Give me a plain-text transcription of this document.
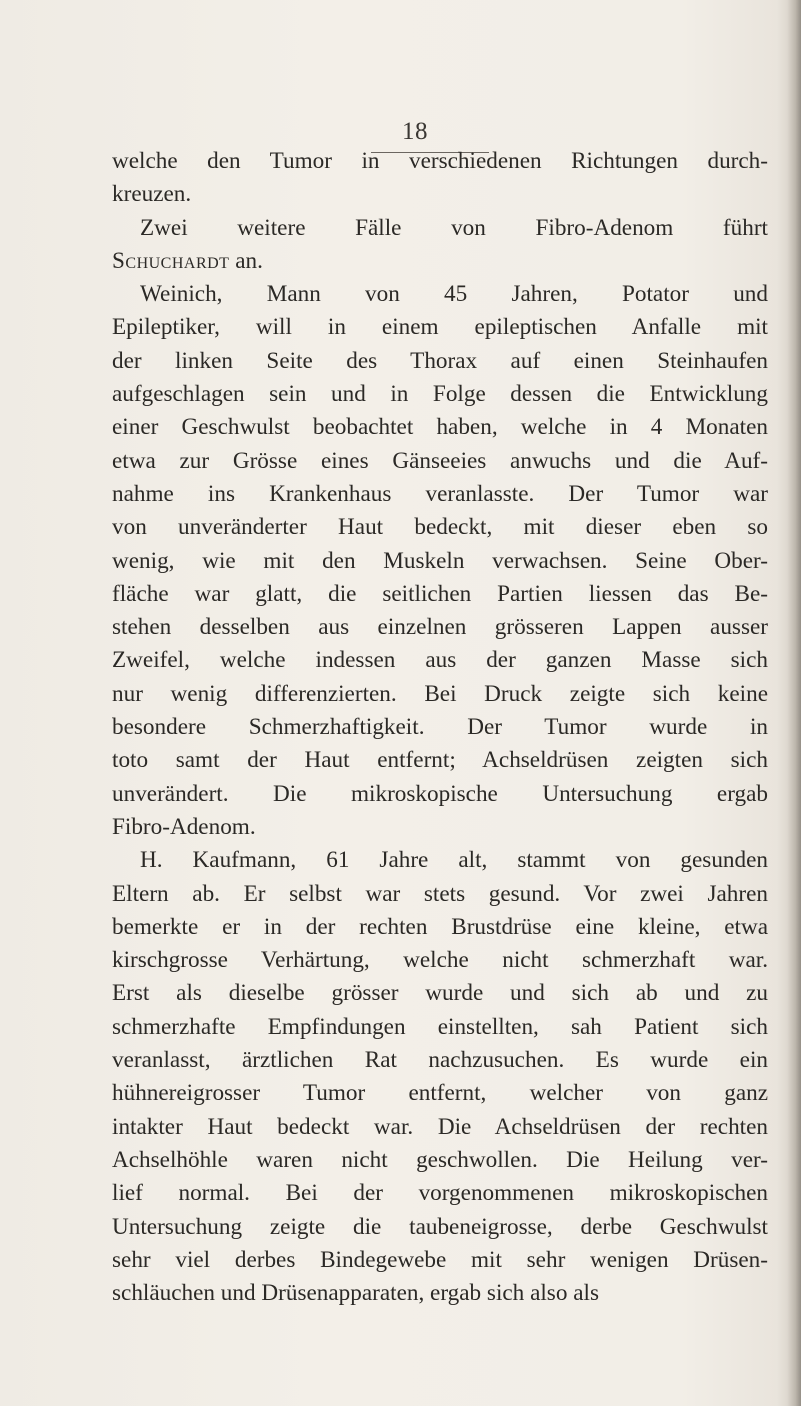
18
welche den Tumor in verschiedenen Richtungen durch-
kreuzen.
Zwei weitere Fälle von Fibro-Adenom führt
Schuchardt an.
Weinich, Mann von 45 Jahren, Potator und
Epileptiker, will in einem epileptischen Anfalle mit
der linken Seite des Thorax auf einen Steinhaufen
aufgeschlagen sein und in Folge dessen die Entwicklung
einer Geschwulst beobachtet haben, welche in 4 Monaten
etwa zur Grösse eines Gänseeies anwuchs und die Auf-
nahme ins Krankenhaus veranlasste. Der Tumor war
von unveränderter Haut bedeckt, mit dieser eben so
wenig, wie mit den Muskeln verwachsen. Seine Ober-
fläche war glatt, die seitlichen Partien liessen das Be-
stehen desselben aus einzelnen grösseren Lappen ausser
Zweifel, welche indessen aus der ganzen Masse sich
nur wenig differenzierten. Bei Druck zeigte sich keine
besondere Schmerzhaftigkeit. Der Tumor wurde in
toto samt der Haut entfernt; Achseldrüsen zeigten sich
unverändert. Die mikroskopische Untersuchung ergab
Fibro-Adenom.
H. Kaufmann, 61 Jahre alt, stammt von gesunden
Eltern ab. Er selbst war stets gesund. Vor zwei Jahren
bemerkte er in der rechten Brustdrüse eine kleine, etwa
kirschgrosse Verhärtung, welche nicht schmerzhaft war.
Erst als dieselbe grösser wurde und sich ab und zu
schmerzhafte Empfindungen einstellten, sah Patient sich
veranlasst, ärztlichen Rat nachzusuchen. Es wurde ein
hühnereigrosser Tumor entfernt, welcher von ganz
intakter Haut bedeckt war. Die Achseldrüsen der rechten
Achselhöhle waren nicht geschwollen. Die Heilung ver-
lief normal. Bei der vorgenommenen mikroskopischen
Untersuchung zeigte die taubeneigrosse, derbe Geschwulst
sehr viel derbes Bindegewebe mit sehr wenigen Drüsen-
schläuchen und Drüsenapparaten, ergab sich also als
